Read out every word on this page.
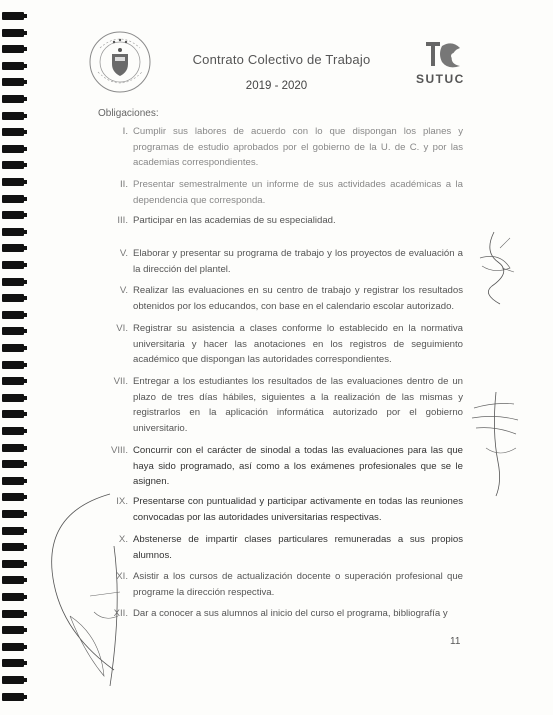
Contrato Colectivo de Trabajo
2019 - 2020	SUTUC
Obligaciones:
I. Cumplir sus labores de acuerdo con lo que dispongan los planes y programas de estudio aprobados por el gobierno de la U. de C. y por las academias correspondientes.
II. Presentar semestralmente un informe de sus actividades académicas a la dependencia que corresponda.
III. Participar en las academias de su especialidad.
V. Elaborar y presentar su programa de trabajo y los proyectos de evaluación a la dirección del plantel.
V. Realizar las evaluaciones en su centro de trabajo y registrar los resultados obtenidos por los educandos, con base en el calendario escolar autorizado.
VI. Registrar su asistencia a clases conforme lo establecido en la normativa universitaria y hacer las anotaciones en los registros de seguimiento académico que dispongan las autoridades correspondientes.
VII. Entregar a los estudiantes los resultados de las evaluaciones dentro de un plazo de tres días hábiles, siguientes a la realización de las mismas y registrarlos en la aplicación informática autorizado por el gobierno universitario.
VIII. Concurrir con el carácter de sinodal a todas las evaluaciones para las que haya sido programado, así como a los exámenes profesionales que se le asignen.
IX. Presentarse con puntualidad y participar activamente en todas las reuniones convocadas por las autoridades universitarias respectivas.
X. Abstenerse de impartir clases particulares remuneradas a sus propios alumnos.
XI. Asistir a los cursos de actualización docente o superación profesional que programe la dirección respectiva.
XII. Dar a conocer a sus alumnos al inicio del curso el programa, bibliografía y
11
